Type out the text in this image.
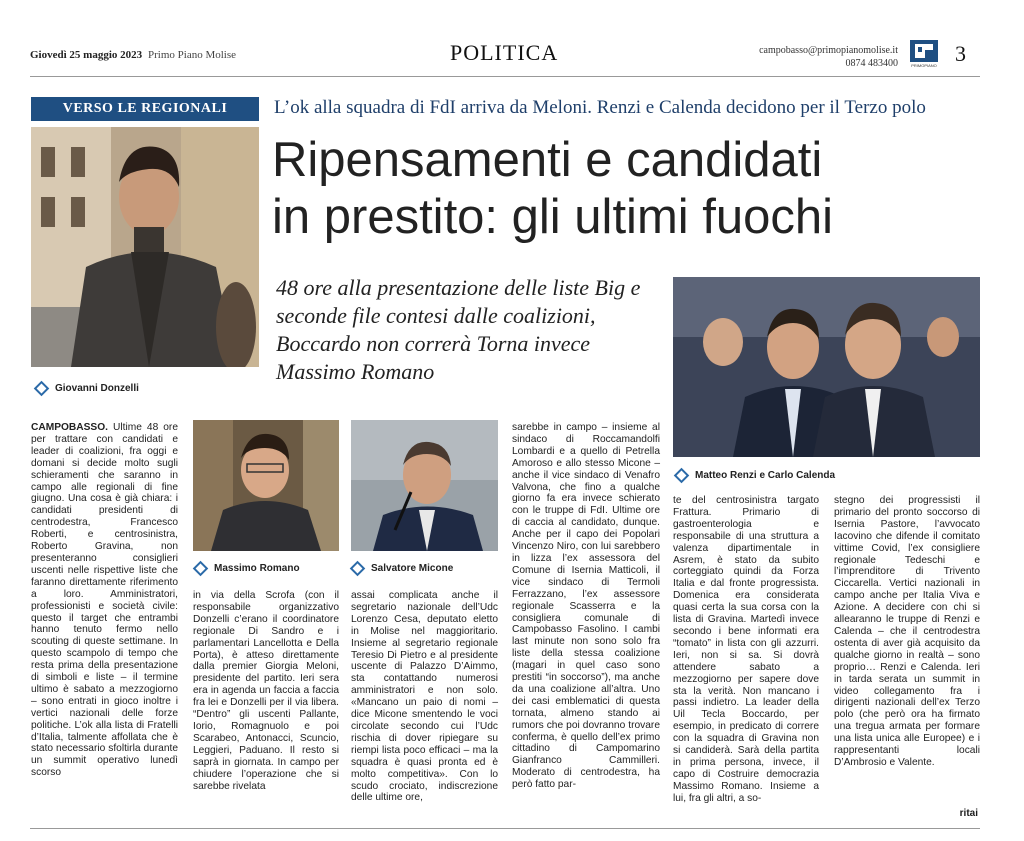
Giovedì 25 maggio 2023 Primo Piano Molise	POLITICA	campobasso@primopianomolise.it
0874 483400	PRIMOPIANO 3
VERSO LE REGIONALI	L’ok alla squadra di FdI arriva da Meloni. Renzi e Calenda decidono per il Terzo polo
Ripensamenti e candidati
in prestito: gli ultimi fuochi
48 ore alla presentazione delle liste Big e seconde file contesi dalle coalizioni, Boccardo non correrà Torna invece Massimo Romano
Giovanni Donzelli
Massimo Romano	Salvatore Micone
Matteo Renzi e Carlo Calenda
CAMPOBASSO. Ultime 48 ore per trattare con candidati e leader di coalizioni, fra oggi e domani si decide molto sugli schieramenti che saranno in campo alle regionali di fine giugno. Una cosa è già chiara: i candidati presidenti di centrodestra, Francesco Roberti, e centrosinistra, Roberto Gravina, non presenteranno consiglieri uscenti nelle rispettive liste che faranno direttamente riferimento a loro. Amministratori, professionisti e società civile: questo il target che entrambi hanno tenuto fermo nello scouting di queste settimane. In questo scampolo di tempo che resta prima della presentazione di simboli e liste – il termine ultimo è sabato a mezzogiorno – sono entrati in gioco inoltre i vertici nazionali delle forze politiche. L’ok alla lista di Fratelli d’Italia, talmente affollata che è stato necessario sfoltirla durante un summit operativo lunedì scorso
in via della Scrofa (con il responsabile organizzativo Donzelli c’erano il coordinatore regionale Di Sandro e i parlamentari Lancellotta e Della Porta), è atteso direttamente dalla premier Giorgia Meloni, presidente del partito. Ieri sera era in agenda un faccia a faccia fra lei e Donzelli per il via libera. “Dentro” gli uscenti Pallante, Iorio, Romagnuolo e poi Scarabeo, Antonacci, Scuncio, Leggieri, Paduano. Il resto si saprà in giornata. In campo per chiudere l’operazione che si sarebbe rivelata
assai complicata anche il segretario nazionale dell’Udc Lorenzo Cesa, deputato eletto in Molise nel maggioritario. Insieme al segretario regionale Teresio Di Pietro e al presidente uscente di Palazzo D’Aimmo, sta contattando numerosi amministratori e non solo. «Mancano un paio di nomi – dice Micone smentendo le voci circolate secondo cui l’Udc rischia di dover ripiegare su riempi lista poco efficaci – ma la squadra è quasi pronta ed è molto competitiva». Con lo scudo crociato, indiscrezione delle ultime ore,
sarebbe in campo – insieme al sindaco di Roccamandolfi Lombardi e a quello di Petrella Amoroso e allo stesso Micone – anche il vice sindaco di Venafro Valvona, che fino a qualche giorno fa era invece schierato con le truppe di FdI. Ultime ore di caccia al candidato, dunque. Anche per il capo dei Popolari Vincenzo Niro, con lui sarebbero in lizza l’ex assessora del Comune di Isernia Matticoli, il vice sindaco di Termoli Ferrazzano, l’ex assessore regionale Scasserra e la consigliera comunale di Campobasso Fasolino. I cambi last minute non sono solo fra liste della stessa coalizione (magari in quel caso sono prestiti “in soccorso”), ma anche da una coalizione all’altra. Uno dei casi emblematici di questa tornata, almeno stando ai rumors che poi dovranno trovare conferma, è quello dell’ex primo cittadino di Campomarino Gianfranco Cammilleri. Moderato di centrodestra, ha però fatto par-
te del centrosinistra targato Frattura. Primario di gastroenterologia e responsabile di una struttura a valenza dipartimentale in Asrem, è stato da subito corteggiato quindi da Forza Italia e dal fronte progressista. Domenica era considerata quasi certa la sua corsa con la lista di Gravina. Martedì invece secondo i bene informati era “tomato” in lista con gli azzurri. Ieri, non si sa. Si dovrà attendere sabato a mezzogiorno per sapere dove sta la verità. Non mancano i passi indietro. La leader della Uil Tecla Boccardo, per esempio, in predicato di correre con la squadra di Gravina non si candiderà. Sarà della partita in prima persona, invece, il capo di Costruire democrazia Massimo Romano. Insieme a lui, fra gli altri, a so-
stegno dei progressisti il primario del pronto soccorso di Isernia Pastore, l’avvocato Iacovino che difende il comitato vittime Covid, l’ex consigliere regionale Tedeschi e l’imprenditore di Trivento Ciccarella. Vertici nazionali in campo anche per Italia Viva e Azione. A decidere con chi si allearanno le truppe di Renzi e Calenda – che il centrodestra ostenta di aver già acquisito da qualche giorno in realtà – sono proprio… Renzi e Calenda. Ieri in tarda serata un summit in video collegamento fra i dirigenti nazionali dell’ex Terzo polo (che però ora ha firmato una tregua armata per formare una lista unica alle Europee) e i rappresentanti locali D’Ambrosio e Valente.
ritai
